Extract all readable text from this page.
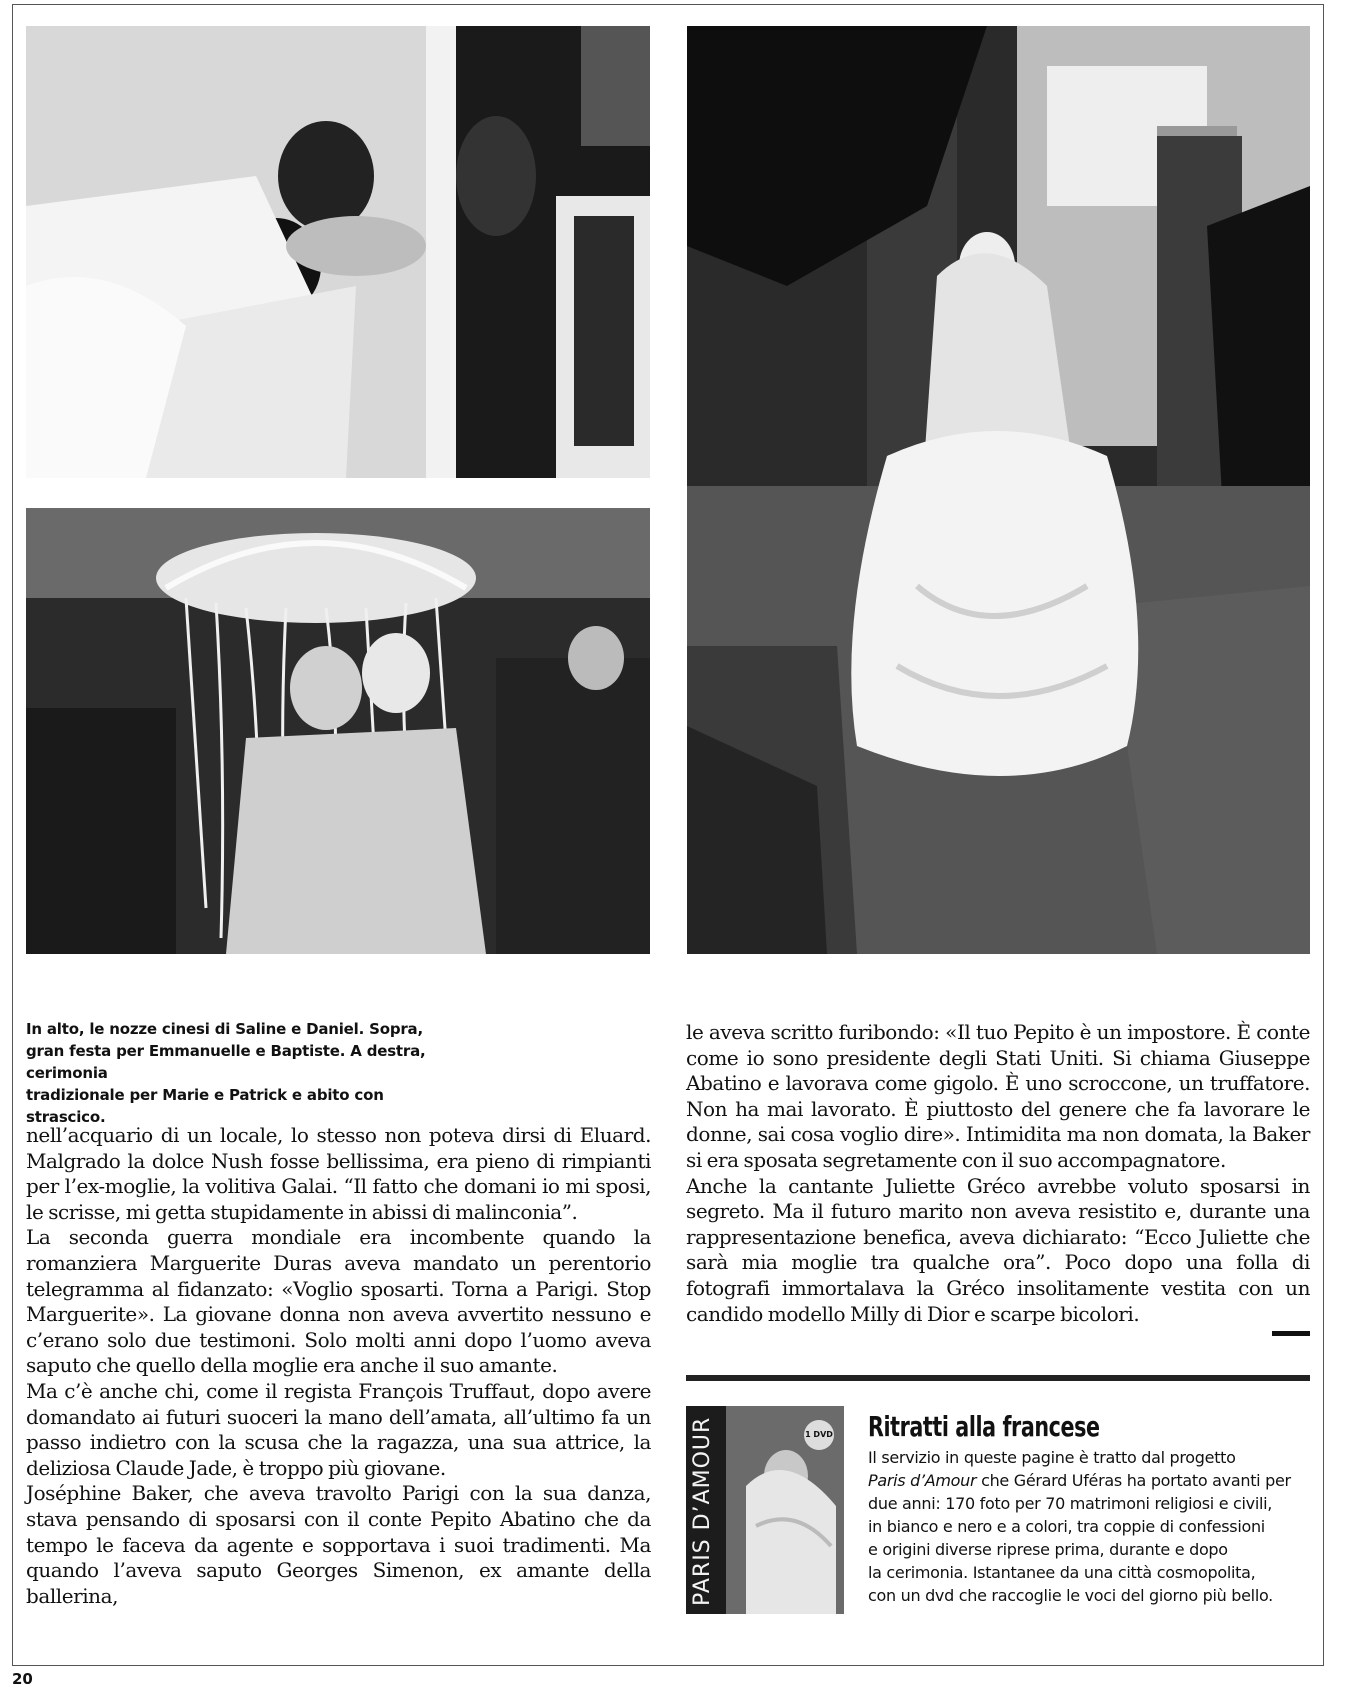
In alto, le nozze cinesi di Saline e Daniel. Sopra,
gran festa per Emmanuelle e Baptiste. A destra, cerimonia
tradizionale per Marie e Patrick e abito con strascico.

nell’acquario di un locale, lo stesso non poteva dirsi di Eluard. Malgrado la dolce Nush fosse bellissima, era pieno di rimpianti per l’ex-moglie, la volitiva Galai. “Il fatto che domani io mi sposi, le scrisse, mi getta stupidamente in abissi di malinconia”.

La seconda guerra mondiale era incombente quando la romanziera Marguerite Duras aveva mandato un perentorio telegramma al fidanzato: «Voglio sposarti. Torna a Parigi. Stop Marguerite». La giovane donna non aveva avvertito nessuno e c’erano solo due testimoni. Solo molti anni dopo l’uomo aveva saputo che quello della moglie era anche il suo amante.

Ma c’è anche chi, come il regista François Truffaut, dopo avere domandato ai futuri suoceri la mano dell’amata, all’ultimo fa un passo indietro con la scusa che la ragazza, una sua attrice, la deliziosa Claude Jade, è troppo più giovane.

Joséphine Baker, che aveva travolto Parigi con la sua danza, stava pensando di sposarsi con il conte Pepito Abatino che da tempo le faceva da agente e sopportava i suoi tradimenti. Ma quando l’aveva saputo Georges Simenon, ex amante della ballerina,

le aveva scritto furibondo: «Il tuo Pepito è un impostore. È conte come io sono presidente degli Stati Uniti. Si chiama Giuseppe Abatino e lavorava come gigolo. È uno scroccone, un truffatore. Non ha mai lavorato. È piuttosto del genere che fa lavorare le donne, sai cosa voglio dire». Intimidita ma non domata, la Baker si era sposata segretamente con il suo accompagnatore.

Anche la cantante Juliette Gréco avrebbe voluto sposarsi in segreto. Ma il futuro marito non aveva resistito e, durante una rappresentazione benefica, aveva dichiarato: “Ecco Juliette che sarà mia moglie tra qualche ora”. Poco dopo una folla di fotografi immortalava la Gréco insolitamente vestita con un candido modello Milly di Dior e scarpe bicolori.

PARIS D’AMOUR	1 DVD Ritratti alla francese

Il servizio in queste pagine è tratto dal progetto

Paris d’Amour che Gérard Uféras ha portato avanti per

due anni: 170 foto per 70 matrimoni religiosi e civili,

in bianco e nero e a colori, tra coppie di confessioni

e origini diverse riprese prima, durante e dopo

la cerimonia. Istantanee da una città cosmopolita,

con un dvd che raccoglie le voci del giorno più bello.

20
